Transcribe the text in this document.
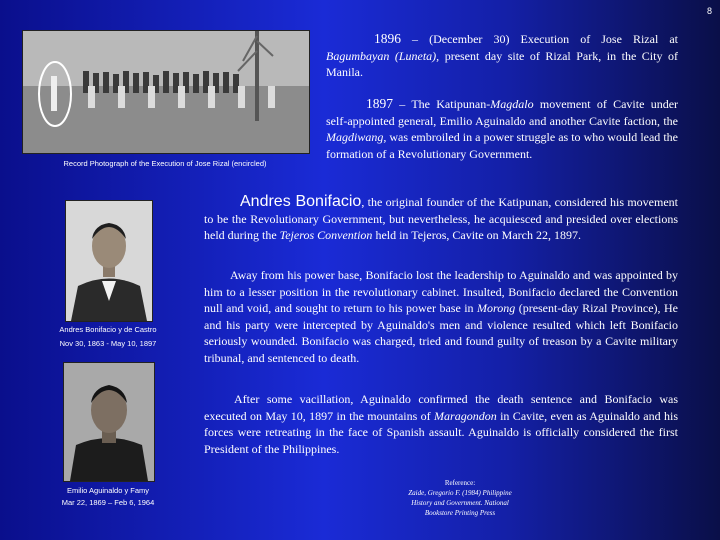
8
Record Photograph of the Execution of Jose Rizal (encircled)
1896 – (December 30) Execution of Jose Rizal at Bagumbayan (Luneta), present day site of Rizal Park, in the City of Manila.
1897 – The Katipunan-Magdalo movement of Cavite under self-appointed general, Emilio Aguinaldo and another Cavite faction, the Magdiwang, was embroiled in a power struggle as to who would lead the formation of a Revolutionary Government.
Andres Bonifacio y de Castro
Nov 30, 1863 - May 10, 1897
Emilio Aguinaldo y Famy
Mar 22, 1869 – Feb 6, 1964
Andres Bonifacio, the original founder of the Katipunan, considered his movement to be the Revolutionary Government, but nevertheless, he acquiesced and presided over elections held during the Tejeros Convention held in Tejeros, Cavite on March 22, 1897.
Away from his power base, Bonifacio lost the leadership to Aguinaldo and was appointed by him to a lesser position in the revolutionary cabinet. Insulted, Bonifacio declared the Convention null and void, and sought to return to his power base in Morong (present-day Rizal Province), He and his party were intercepted by Aguinaldo's men and violence resulted which left Bonifacio seriously wounded. Bonifacio was charged, tried and found guilty of treason by a Cavite military tribunal, and sentenced to death.
After some vacillation, Aguinaldo confirmed the death sentence and Bonifacio was executed on May 10, 1897 in the mountains of Maragondon in Cavite, even as Aguinaldo and his forces were retreating in the face of Spanish assault. Aguinaldo is officially considered the first President of the Philippines.
Reference:
Zaide, Gregorio F. (1984) Philippine
History and Government. National
Bookstore Printing Press
